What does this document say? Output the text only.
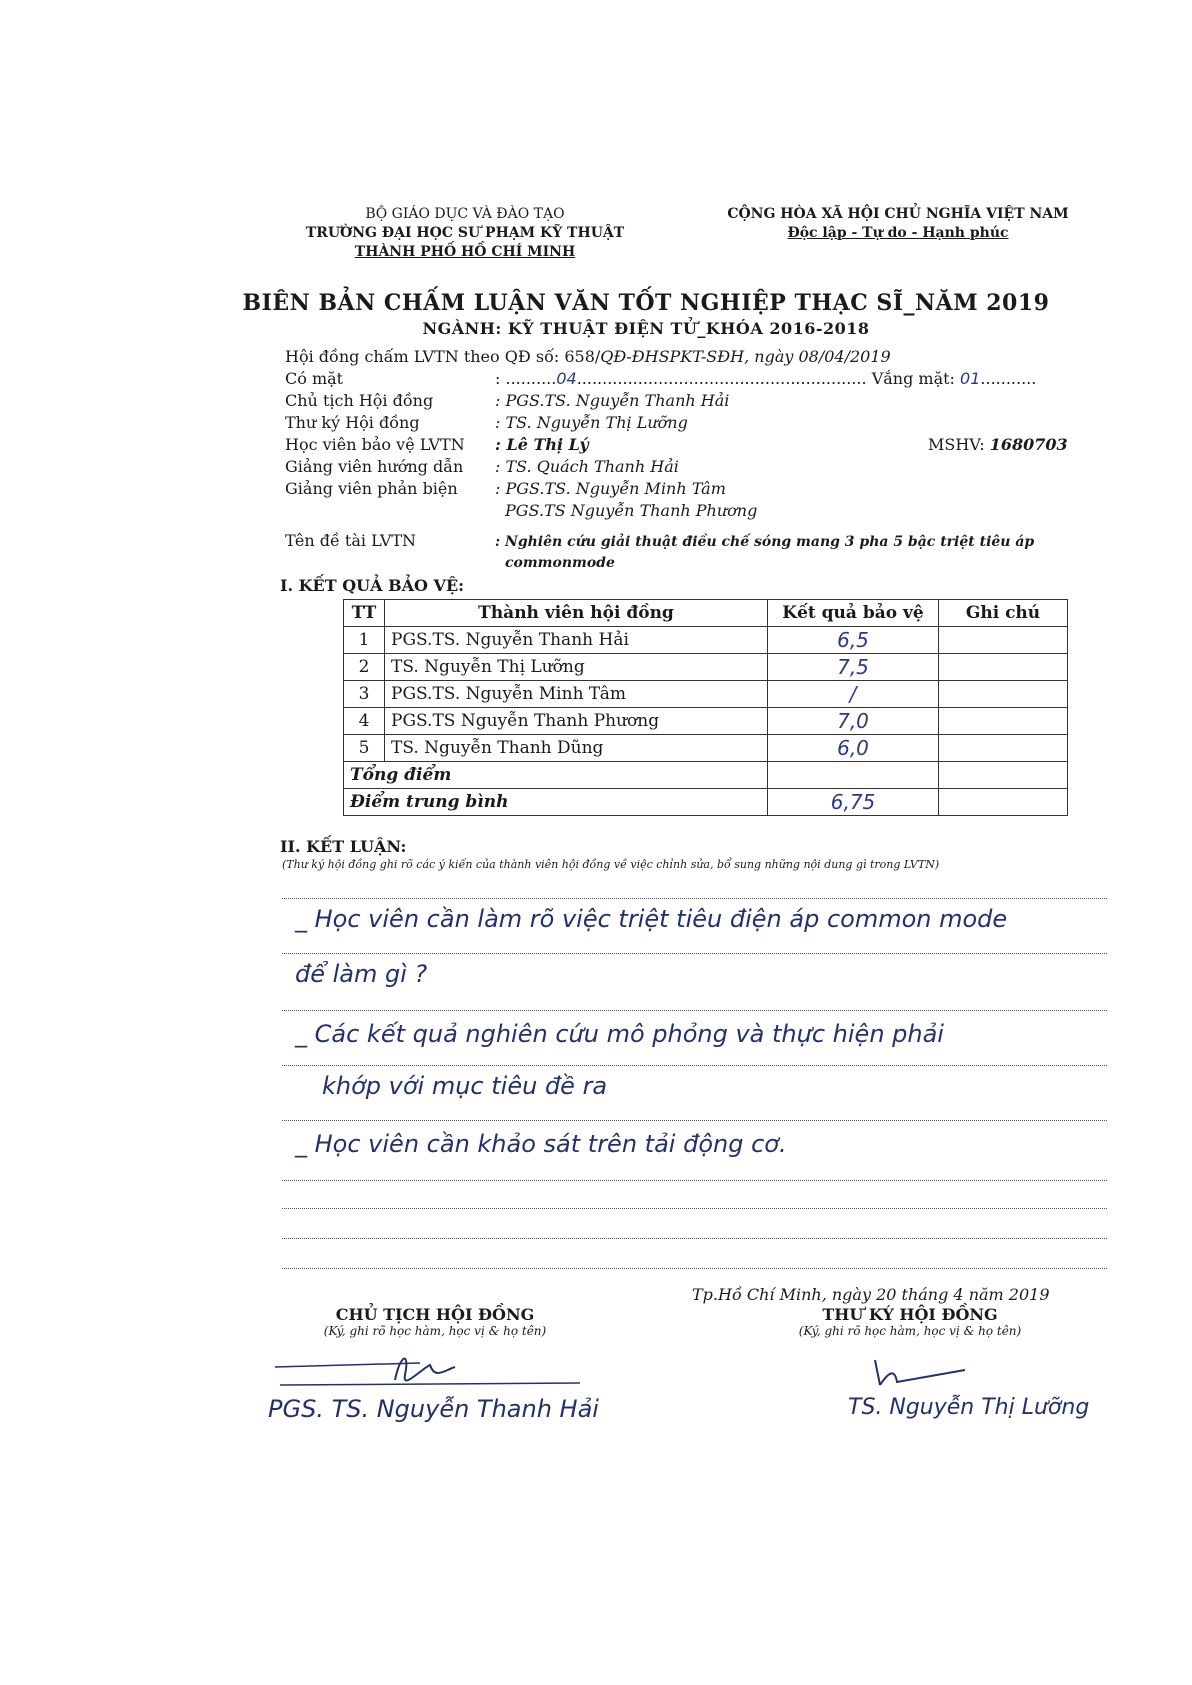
BỘ GIÁO DỤC VÀ ĐÀO TẠO
TRƯỜNG ĐẠI HỌC SƯ PHẠM KỸ THUẬT
THÀNH PHỐ HỒ CHÍ MINH
CỘNG HÒA XÃ HỘI CHỦ NGHĨA VIỆT NAM
Độc lập - Tự do - Hạnh phúc
BIÊN BẢN CHẤM LUẬN VĂN TỐT NGHIỆP THẠC SĨ_NĂM 2019
NGÀNH: KỸ THUẬT ĐIỆN TỬ_KHÓA 2016-2018
Hội đồng chấm LVTN theo QĐ số: 658/QĐ-ĐHSPKT-SĐH, ngày 08/04/2019
Có mặt	: ..........04......................................................... Vắng mặt: 01...........
Chủ tịch Hội đồng	: PGS.TS. Nguyễn Thanh Hải
Thư ký Hội đồng	: TS. Nguyễn Thị Lưỡng
Học viên bảo vệ LVTN : Lê Thị Lý	MSHV: 1680703
Giảng viên hướng dẫn : TS. Quách Thanh Hải
Giảng viên phản biện : PGS.TS. Nguyễn Minh Tâm
PGS.TS Nguyễn Thanh Phương
Tên đề tài LVTN	: Nghiên cứu giải thuật điều chế sóng mang 3 pha 5 bậc triệt tiêu áp
commonmode
I. KẾT QUẢ BẢO VỆ:
TT	Thành viên hội đồng	Kết quả bảo vệ	Ghi chú
1	PGS.TS. Nguyễn Thanh Hải	6,5	
2	TS. Nguyễn Thị Lưỡng	7,5	
3	PGS.TS. Nguyễn Minh Tâm	/	
4	PGS.TS Nguyễn Thanh Phương	7,0	
5	TS. Nguyễn Thanh Dũng	6,0	
Tổng điểm			
Điểm trung bình		6,75	
II. KẾT LUẬN:
(Thư ký hội đồng ghi rõ các ý kiến của thành viên hội đồng về việc chỉnh sửa, bổ sung những nội dung gì trong LVTN)
_ Học viên cần làm rõ việc triệt tiêu điện áp common mode
để làm gì ?
_ Các kết quả nghiên cứu mô phỏng và thực hiện phải
khớp với mục tiêu đề ra
_ Học viên cần khảo sát trên tải động cơ.
Tp.Hồ Chí Minh, ngày 20 tháng 4 năm 2019
CHỦ TỊCH HỘI ĐỒNG
(Ký, ghi rõ học hàm, học vị & họ tên)
PGS. TS. Nguyễn Thanh Hải
THƯ KÝ HỘI ĐỒNG
(Ký, ghi rõ học hàm, học vị & họ tên)
TS. Nguyễn Thị Lưỡng
